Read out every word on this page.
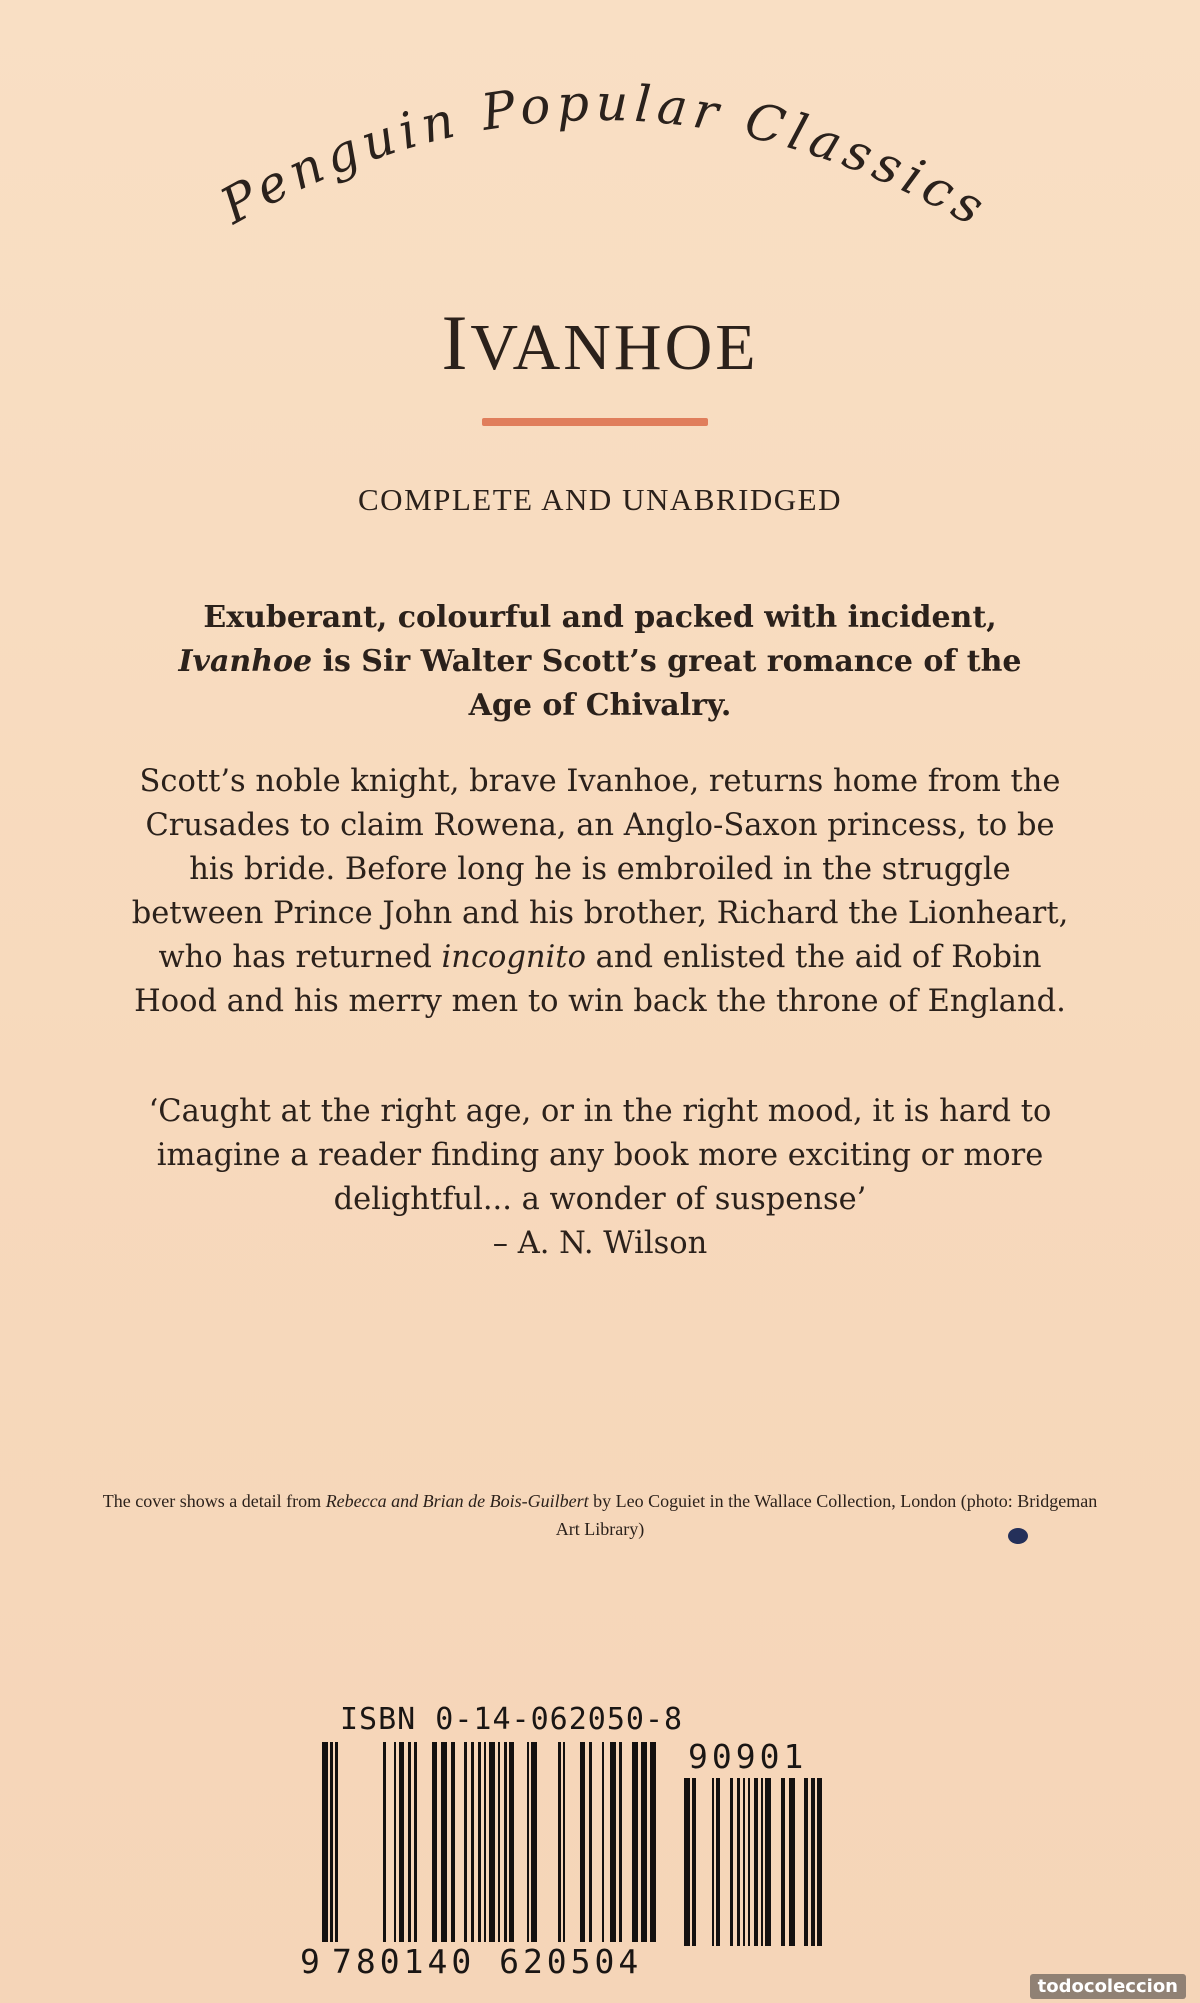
Penguin Popular Classics
IVANHOE
COMPLETE AND UNABRIDGED
Exuberant, colourful and packed with incident,
Ivanhoe is Sir Walter Scott’s great romance of the
Age of Chivalry.
Scott’s noble knight, brave Ivanhoe, returns home from the Crusades to claim Rowena, an Anglo-Saxon princess, to be his bride. Before long he is embroiled in the struggle between Prince John and his brother, Richard the Lionheart, who has returned incognito and enlisted the aid of Robin Hood and his merry men to win back the throne of England.
‘Caught at the right age, or in the right mood, it is hard to imagine a reader finding any book more exciting or more delightful... a wonder of suspense’
– A. N. Wilson
The cover shows a detail from Rebecca and Brian de Bois-Guilbert by Leo Coguiet in the Wallace Collection, London (photo: Bridgeman Art Library)
ISBN 0-14-062050-8
90901
9 780140 620504
todocoleccion
